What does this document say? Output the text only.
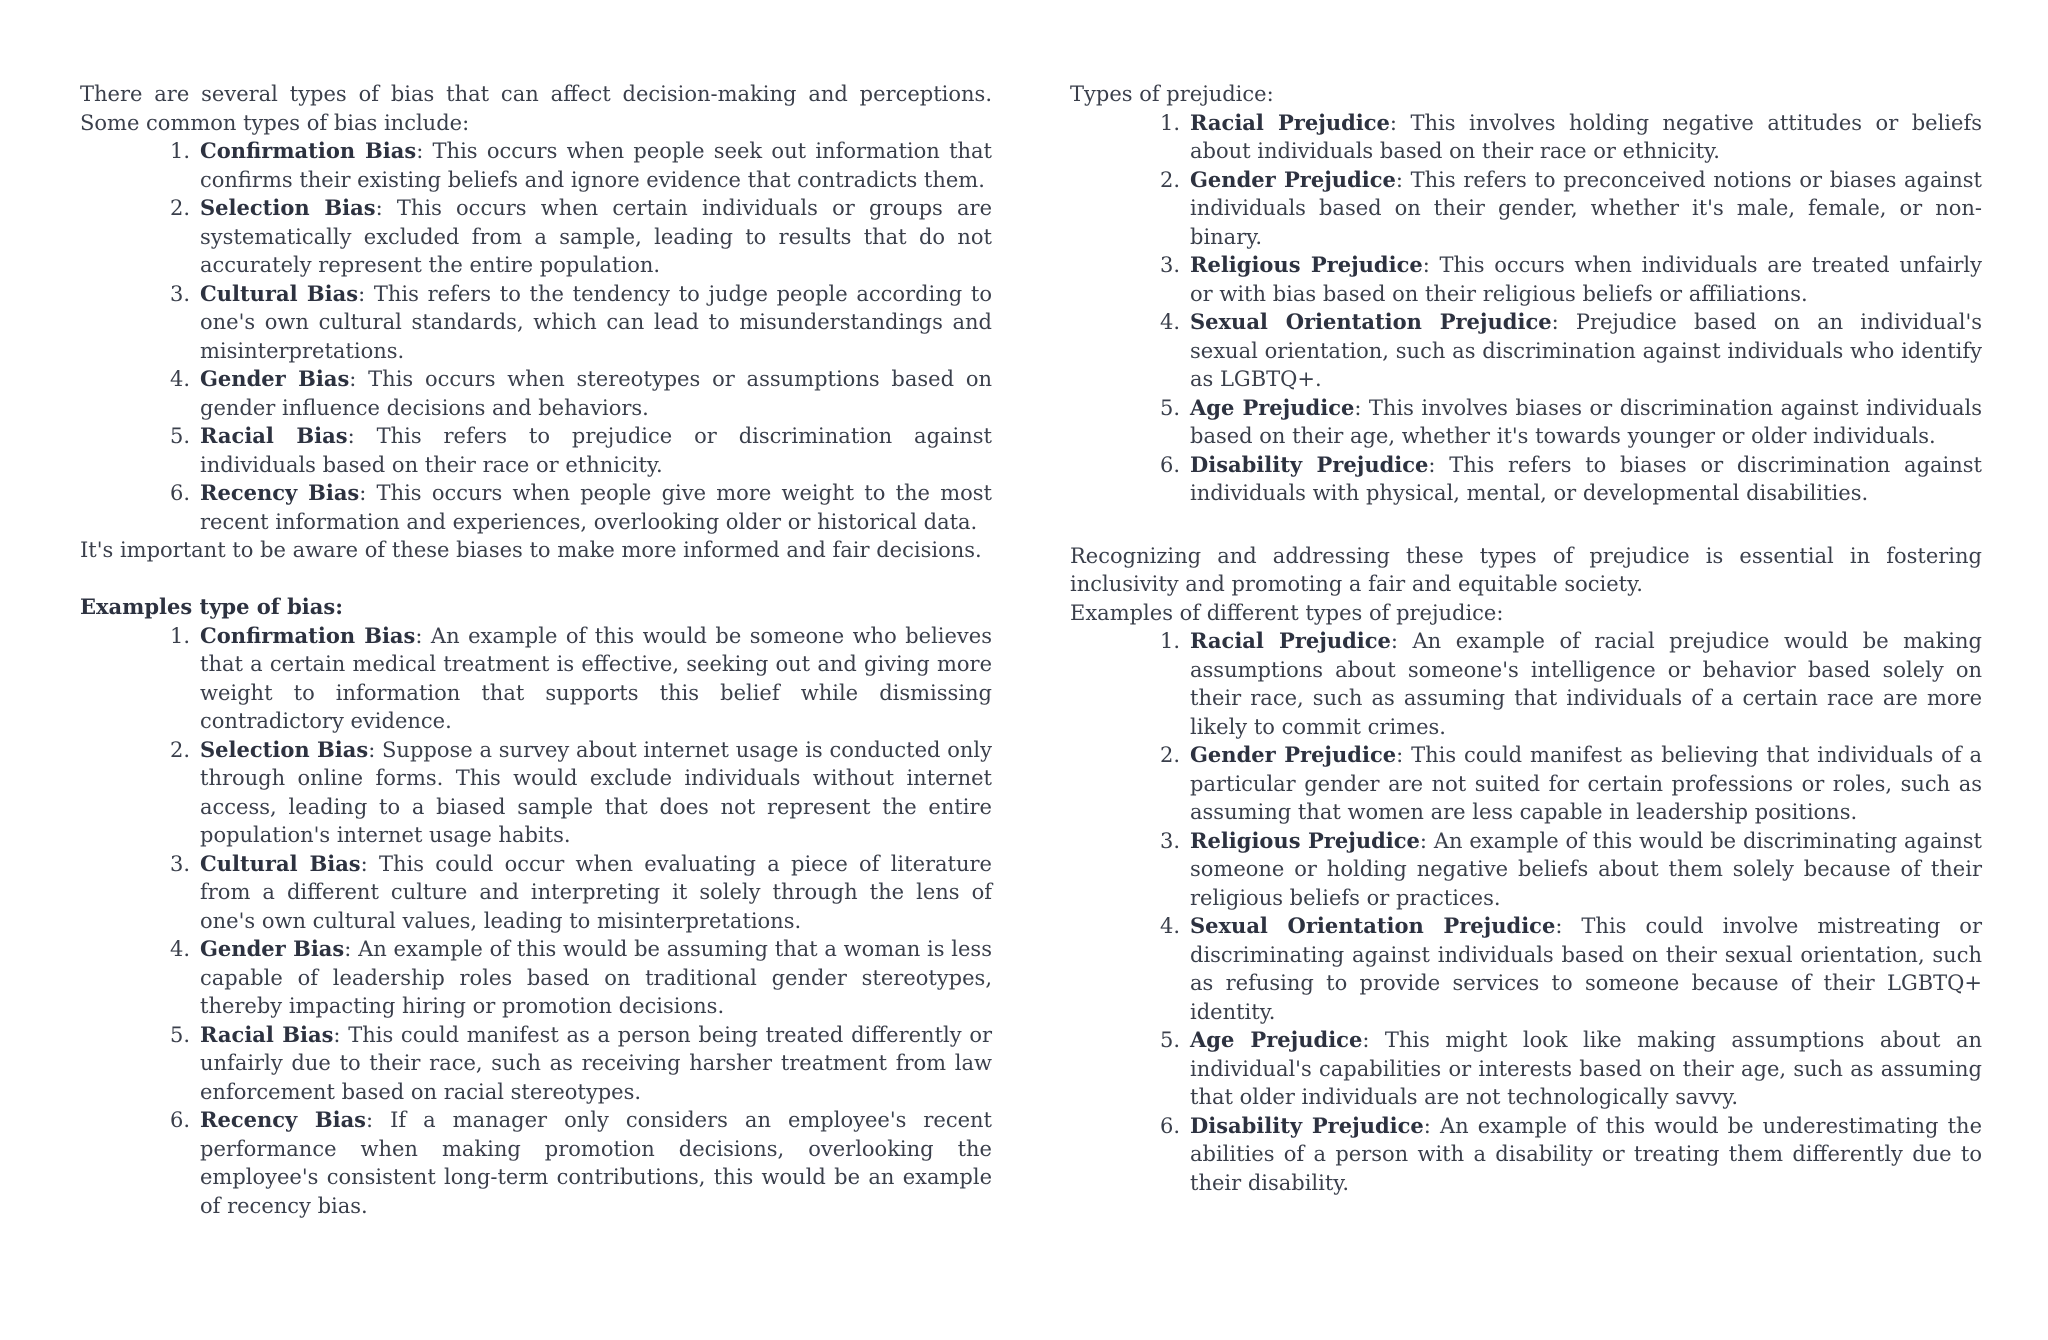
There are several types of bias that can affect decision-making and perceptions. Some common types of bias include:

1. Confirmation Bias: This occurs when people seek out information that confirms their existing beliefs and ignore evidence that contradicts them.
2. Selection Bias: This occurs when certain individuals or groups are systematically excluded from a sample, leading to results that do not accurately represent the entire population.
3. Cultural Bias: This refers to the tendency to judge people according to one's own cultural standards, which can lead to misunderstandings and misinterpretations.
4. Gender Bias: This occurs when stereotypes or assumptions based on gender influence decisions and behaviors.
5. Racial Bias: This refers to prejudice or discrimination against individuals based on their race or ethnicity.
6. Recency Bias: This occurs when people give more weight to the most recent information and experiences, overlooking older or historical data.

It's important to be aware of these biases to make more informed and fair decisions.

Examples type of bias:

1. Confirmation Bias: An example of this would be someone who believes that a certain medical treatment is effective, seeking out and giving more weight to information that supports this belief while dismissing contradictory evidence.
2. Selection Bias: Suppose a survey about internet usage is conducted only through online forms. This would exclude individuals without internet access, leading to a biased sample that does not represent the entire population's internet usage habits.
3. Cultural Bias: This could occur when evaluating a piece of literature from a different culture and interpreting it solely through the lens of one's own cultural values, leading to misinterpretations.
4. Gender Bias: An example of this would be assuming that a woman is less capable of leadership roles based on traditional gender stereotypes, thereby impacting hiring or promotion decisions.
5. Racial Bias: This could manifest as a person being treated differently or unfairly due to their race, such as receiving harsher treatment from law enforcement based on racial stereotypes.
6. Recency Bias: If a manager only considers an employee's recent performance when making promotion decisions, overlooking the employee's consistent long-term contributions, this would be an example of recency bias.

Types of prejudice:

1. Racial Prejudice: This involves holding negative attitudes or beliefs about individuals based on their race or ethnicity.
2. Gender Prejudice: This refers to preconceived notions or biases against individuals based on their gender, whether it's male, female, or non-binary.
3. Religious Prejudice: This occurs when individuals are treated unfairly or with bias based on their religious beliefs or affiliations.
4. Sexual Orientation Prejudice: Prejudice based on an individual's sexual orientation, such as discrimination against individuals who identify as LGBTQ+.
5. Age Prejudice: This involves biases or discrimination against individuals based on their age, whether it's towards younger or older individuals.
6. Disability Prejudice: This refers to biases or discrimination against individuals with physical, mental, or developmental disabilities.

Recognizing and addressing these types of prejudice is essential in fostering inclusivity and promoting a fair and equitable society.

Examples of different types of prejudice:

1. Racial Prejudice: An example of racial prejudice would be making assumptions about someone's intelligence or behavior based solely on their race, such as assuming that individuals of a certain race are more likely to commit crimes.
2. Gender Prejudice: This could manifest as believing that individuals of a particular gender are not suited for certain professions or roles, such as assuming that women are less capable in leadership positions.
3. Religious Prejudice: An example of this would be discriminating against someone or holding negative beliefs about them solely because of their religious beliefs or practices.
4. Sexual Orientation Prejudice: This could involve mistreating or discriminating against individuals based on their sexual orientation, such as refusing to provide services to someone because of their LGBTQ+ identity.
5. Age Prejudice: This might look like making assumptions about an individual's capabilities or interests based on their age, such as assuming that older individuals are not technologically savvy.
6. Disability Prejudice: An example of this would be underestimating the abilities of a person with a disability or treating them differently due to their disability.
